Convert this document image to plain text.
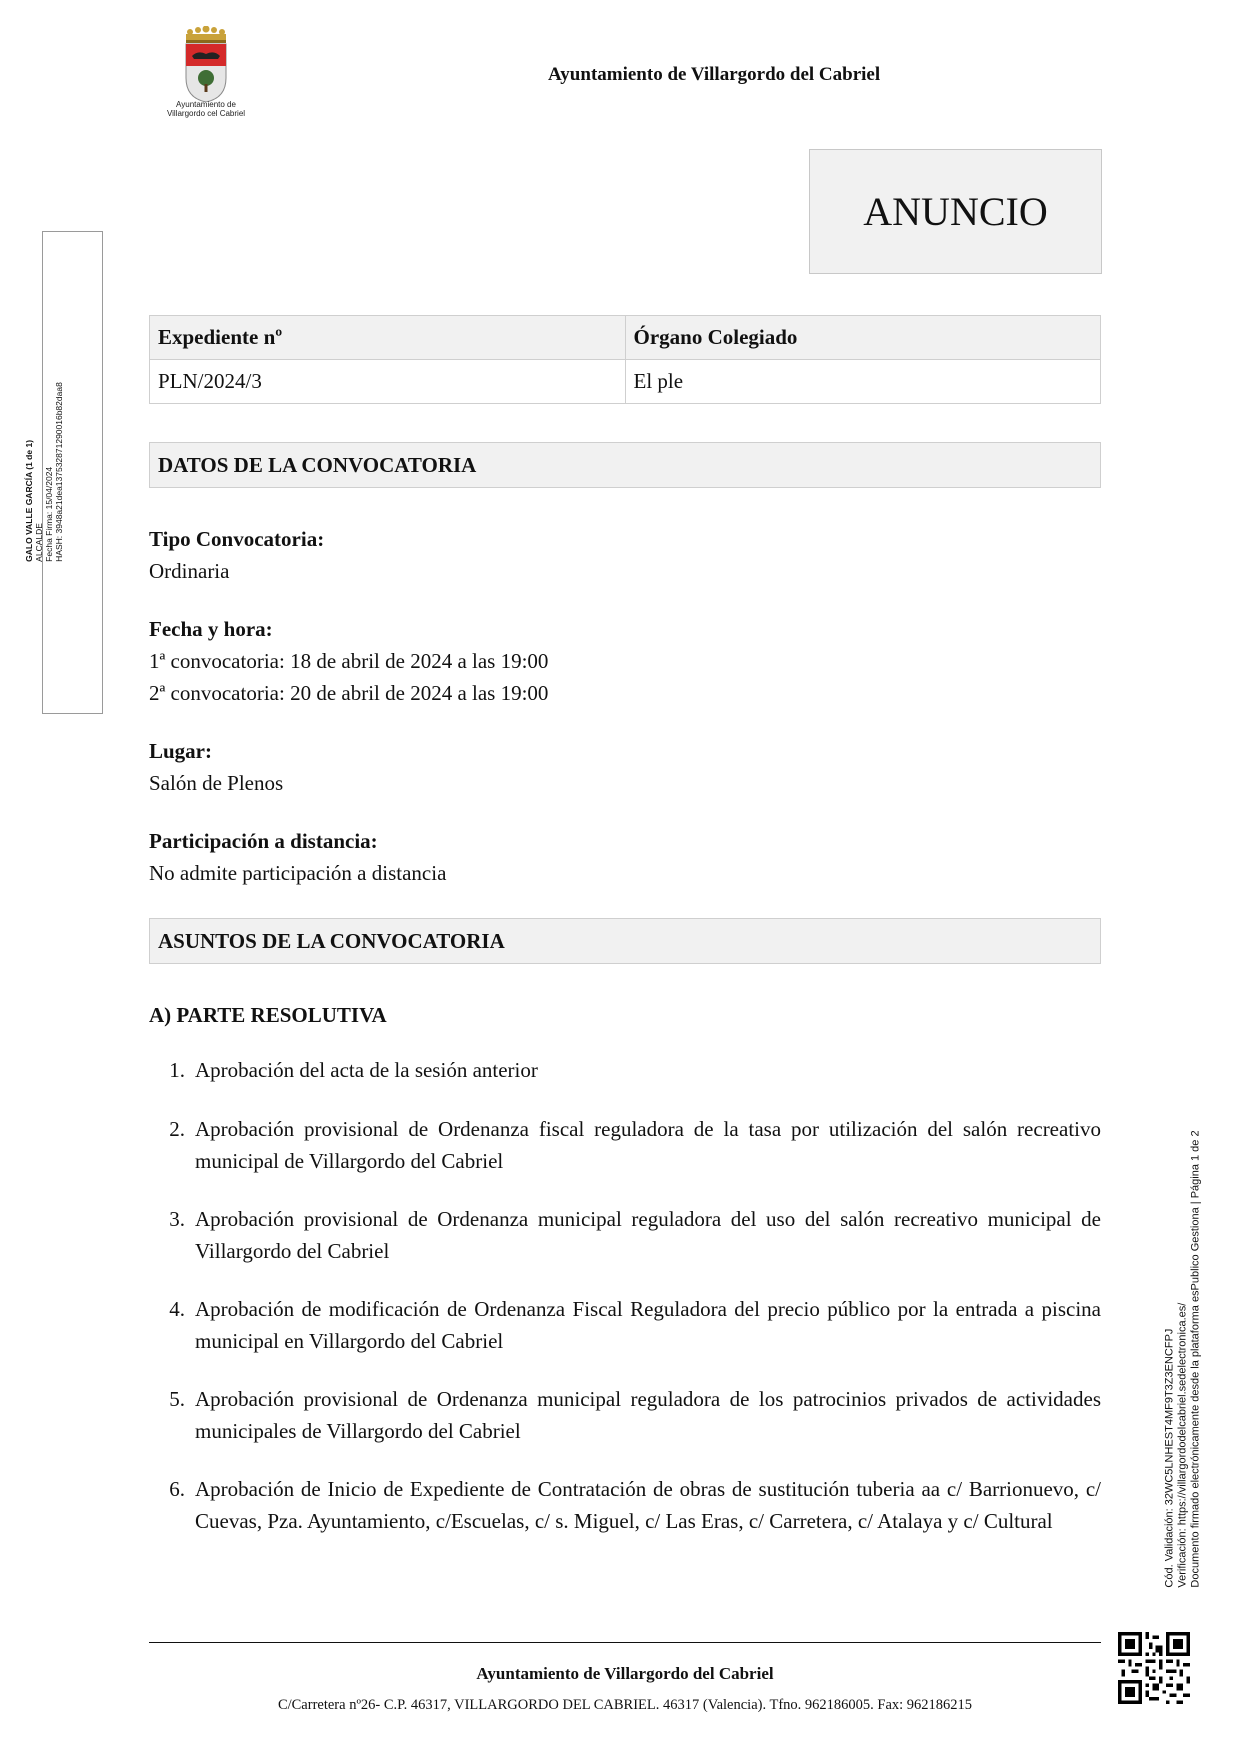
Ayuntamiento de
Villargordo cel Cabriel
Ayuntamiento de Villargordo del Cabriel
ANUNCIO
GALO VALLE GARCÍA (1 de 1) ALCALDE Fecha Firma: 15/04/2024 HASH: 3948a21dea137532871290016b82daa8
Cód. Validación: 32WC5LNHEST4MF9T3Z3ENCFPJ Verificación: https://villargordodelcabriel.sedelectronica.es/ Documento firmado electrónicamente desde la plataforma esPublico Gestiona | Página 1 de 2
Expediente nº	Órgano Colegiado
PLN/2024/3	El ple
DATOS DE LA CONVOCATORIA
Tipo Convocatoria:
Ordinaria
Fecha y hora:
1ª convocatoria: 18 de abril de 2024 a las 19:00
2ª convocatoria: 20 de abril de 2024 a las 19:00
Lugar:
Salón de Plenos
Participación a distancia:
No admite participación a distancia
ASUNTOS DE LA CONVOCATORIA
A) PARTE RESOLUTIVA
1. Aprobación del acta de la sesión anterior
2. Aprobación provisional de Ordenanza fiscal reguladora de la tasa por utilización del salón recreativo municipal de Villargordo del Cabriel
3. Aprobación provisional de Ordenanza municipal reguladora del uso del salón recreativo municipal de Villargordo del Cabriel
4. Aprobación de modificación de Ordenanza Fiscal Reguladora del precio público por la entrada a piscina municipal en Villargordo del Cabriel
5. Aprobación provisional de Ordenanza municipal reguladora de los patrocinios privados de actividades municipales de Villargordo del Cabriel
6. Aprobación de Inicio de Expediente de Contratación de obras de sustitución tuberia aa c/ Barrionuevo, c/ Cuevas, Pza. Ayuntamiento, c/Escuelas, c/ s. Miguel, c/ Las Eras, c/ Carretera, c/ Atalaya y c/ Cultural
Ayuntamiento de Villargordo del Cabriel
C/Carretera nº26- C.P. 46317, VILLARGORDO DEL CABRIEL. 46317 (Valencia). Tfno. 962186005. Fax: 962186215
